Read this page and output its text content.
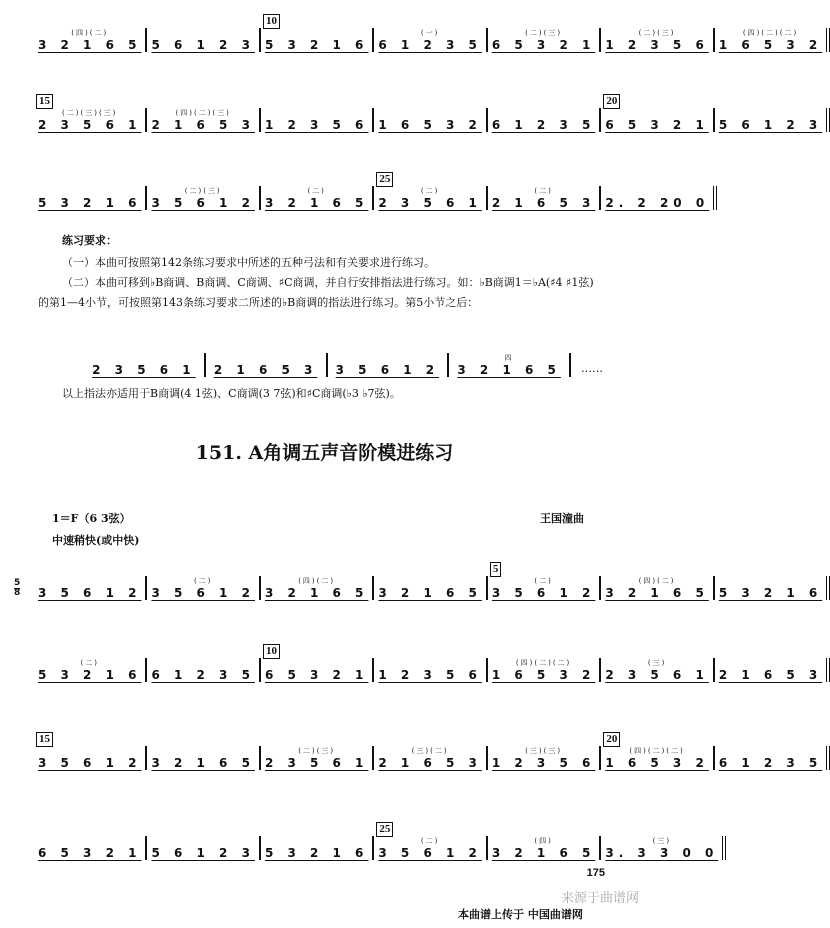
(四)(二)
3 2 1 6 5 5 6 1 2 3
10
5 3 2 1 6
(一)
6 1 2 3 5
(二)(三)
6 5 3 2 1
(二)(三)
1 2 3 5 6
(四)(二)(二)
1 6 5 3 2
15
(二)(三)(三)
2 3 5 6 1
(四)(二)(三)
2 1 6 5 3 1 2 3 5 6 1 6 5 3 2 6 1 2 3 5
20
6 5 3 2 1 5 6 1 2 3
5 3 2 1 6
(二)(三)
3 5 6 1 2
(二)
3 2 1 6 5
25
(二)
2 3 5 6 1
(二)
2 1 6 5 3 2. 2 20 0
练习要求：
（一）本曲可按照第142条练习要求中所述的五种弓法和有关要求进行练习。
（二）本曲可移到♭B商调、B商调、C商调、♯C商调，并自行安排指法进行练习。如：♭B商调1＝♭A(♯4 ♯1弦)
的第1—4小节，可按照第143条练习要求二所述的♭B商调的指法进行练习。第5小节之后：
2 3 5 6 1	2 1 6 5 3	3 5 6 1 2
四
3 2 1 6 5	……
以上指法亦适用于B商调(4 1弦)、C商调(3 7弦)和♯C商调(♭3 ♭7弦)。
151. A角调五声音阶模进练习
1＝F（6 3弦）	王国潼曲
中速稍快(或中快)
5
8 3 5 6 1 2
(二)
3 5 6 1 2
(四)(二)
3 2 1 6 5 3 2 1 6 5
5
(二)
3 5 6 1 2
(四)(二)
3 2 1 6 5 5 3 2 1 6
(二)
5 3 2 1 6 6 1 2 3 5
10
6 5 3 2 1 1 2 3 5 6
(四)(二)(二)
1 6 5 3 2
(三)
2 3 5 6 1 2 1 6 5 3
15
3 5 6 1 2 3 2 1 6 5
(二)(三)
2 3 5 6 1
(三)(二)
2 1 6 5 3
(三)(三)
1 2 3 5 6
20
(四)(二)(二)
1 6 5 3 2 6 1 2 3 5
6 5 3 2 1 5 6 1 2 3 5 3 2 1 6
25
(二)
3 5 6 1 2
(四)
3 2 1 6 5
(三)
3. 3 3 0 0
175
来源于曲谱网
本曲谱上传于 中国曲谱网
